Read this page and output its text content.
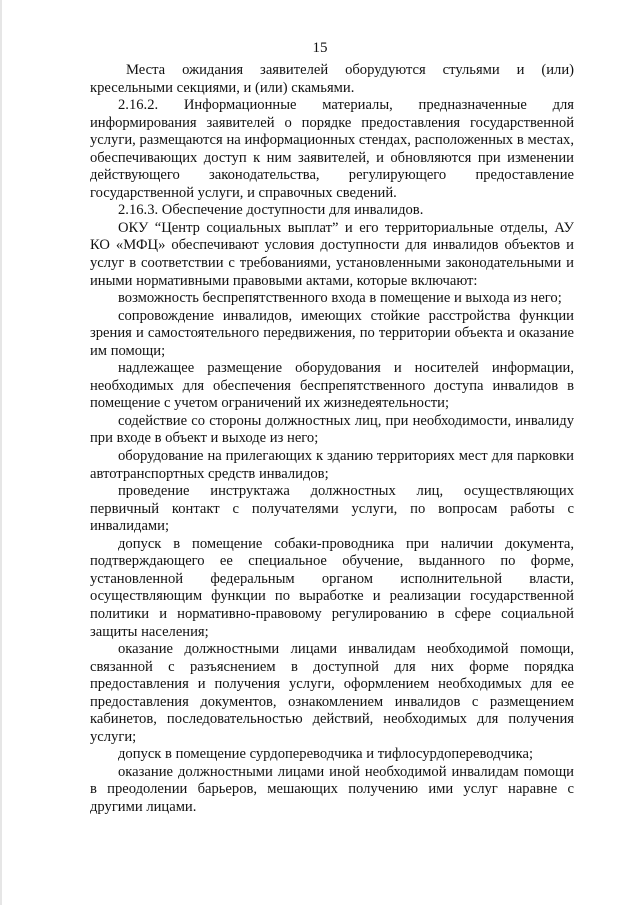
15

Места ожидания заявителей оборудуются стульями и (или) кресельными секциями, и (или) скамьями.

2.16.2. Информационные материалы, предназначенные для информирования заявителей о порядке предоставления государственной услуги, размещаются на информационных стендах, расположенных в местах, обеспечивающих доступ к ним заявителей, и обновляются при изменении действующего законодательства, регулирующего предоставление государственной услуги, и справочных сведений.

2.16.3. Обеспечение доступности для инвалидов.

ОКУ “Центр социальных выплат” и его территориальные отделы, АУ КО «МФЦ» обеспечивают условия доступности для инвалидов объектов и услуг в соответствии с требованиями, установленными законодательными и иными нормативными правовыми актами, которые включают:

возможность беспрепятственного входа в помещение и выхода из него;

сопровождение инвалидов, имеющих стойкие расстройства функции зрения и самостоятельного передвижения, по территории объекта и оказание им помощи;

надлежащее размещение оборудования и носителей информации, необходимых для обеспечения беспрепятственного доступа инвалидов в помещение с учетом ограничений их жизнедеятельности;

содействие со стороны должностных лиц, при необходимости, инвалиду при входе в объект и выходе из него;

оборудование на прилегающих к зданию территориях мест для парковки автотранспортных средств инвалидов;

проведение инструктажа должностных лиц, осуществляющих первичный контакт с получателями услуги, по вопросам работы с инвалидами;

допуск в помещение собаки-проводника при наличии документа, подтверждающего ее специальное обучение, выданного по форме, установленной федеральным органом исполнительной власти, осуществляющим функции по выработке и реализации государственной политики и нормативно-правовому регулированию в сфере социальной защиты населения;

оказание должностными лицами инвалидам необходимой помощи, связанной с разъяснением в доступной для них форме порядка предоставления и получения услуги, оформлением необходимых для ее предоставления документов, ознакомлением инвалидов с размещением кабинетов, последовательностью действий, необходимых для получения услуги;

допуск в помещение сурдопереводчика и тифлосурдопереводчика;

оказание должностными лицами иной необходимой инвалидам помощи в преодолении барьеров, мешающих получению ими услуг наравне с другими лицами.
